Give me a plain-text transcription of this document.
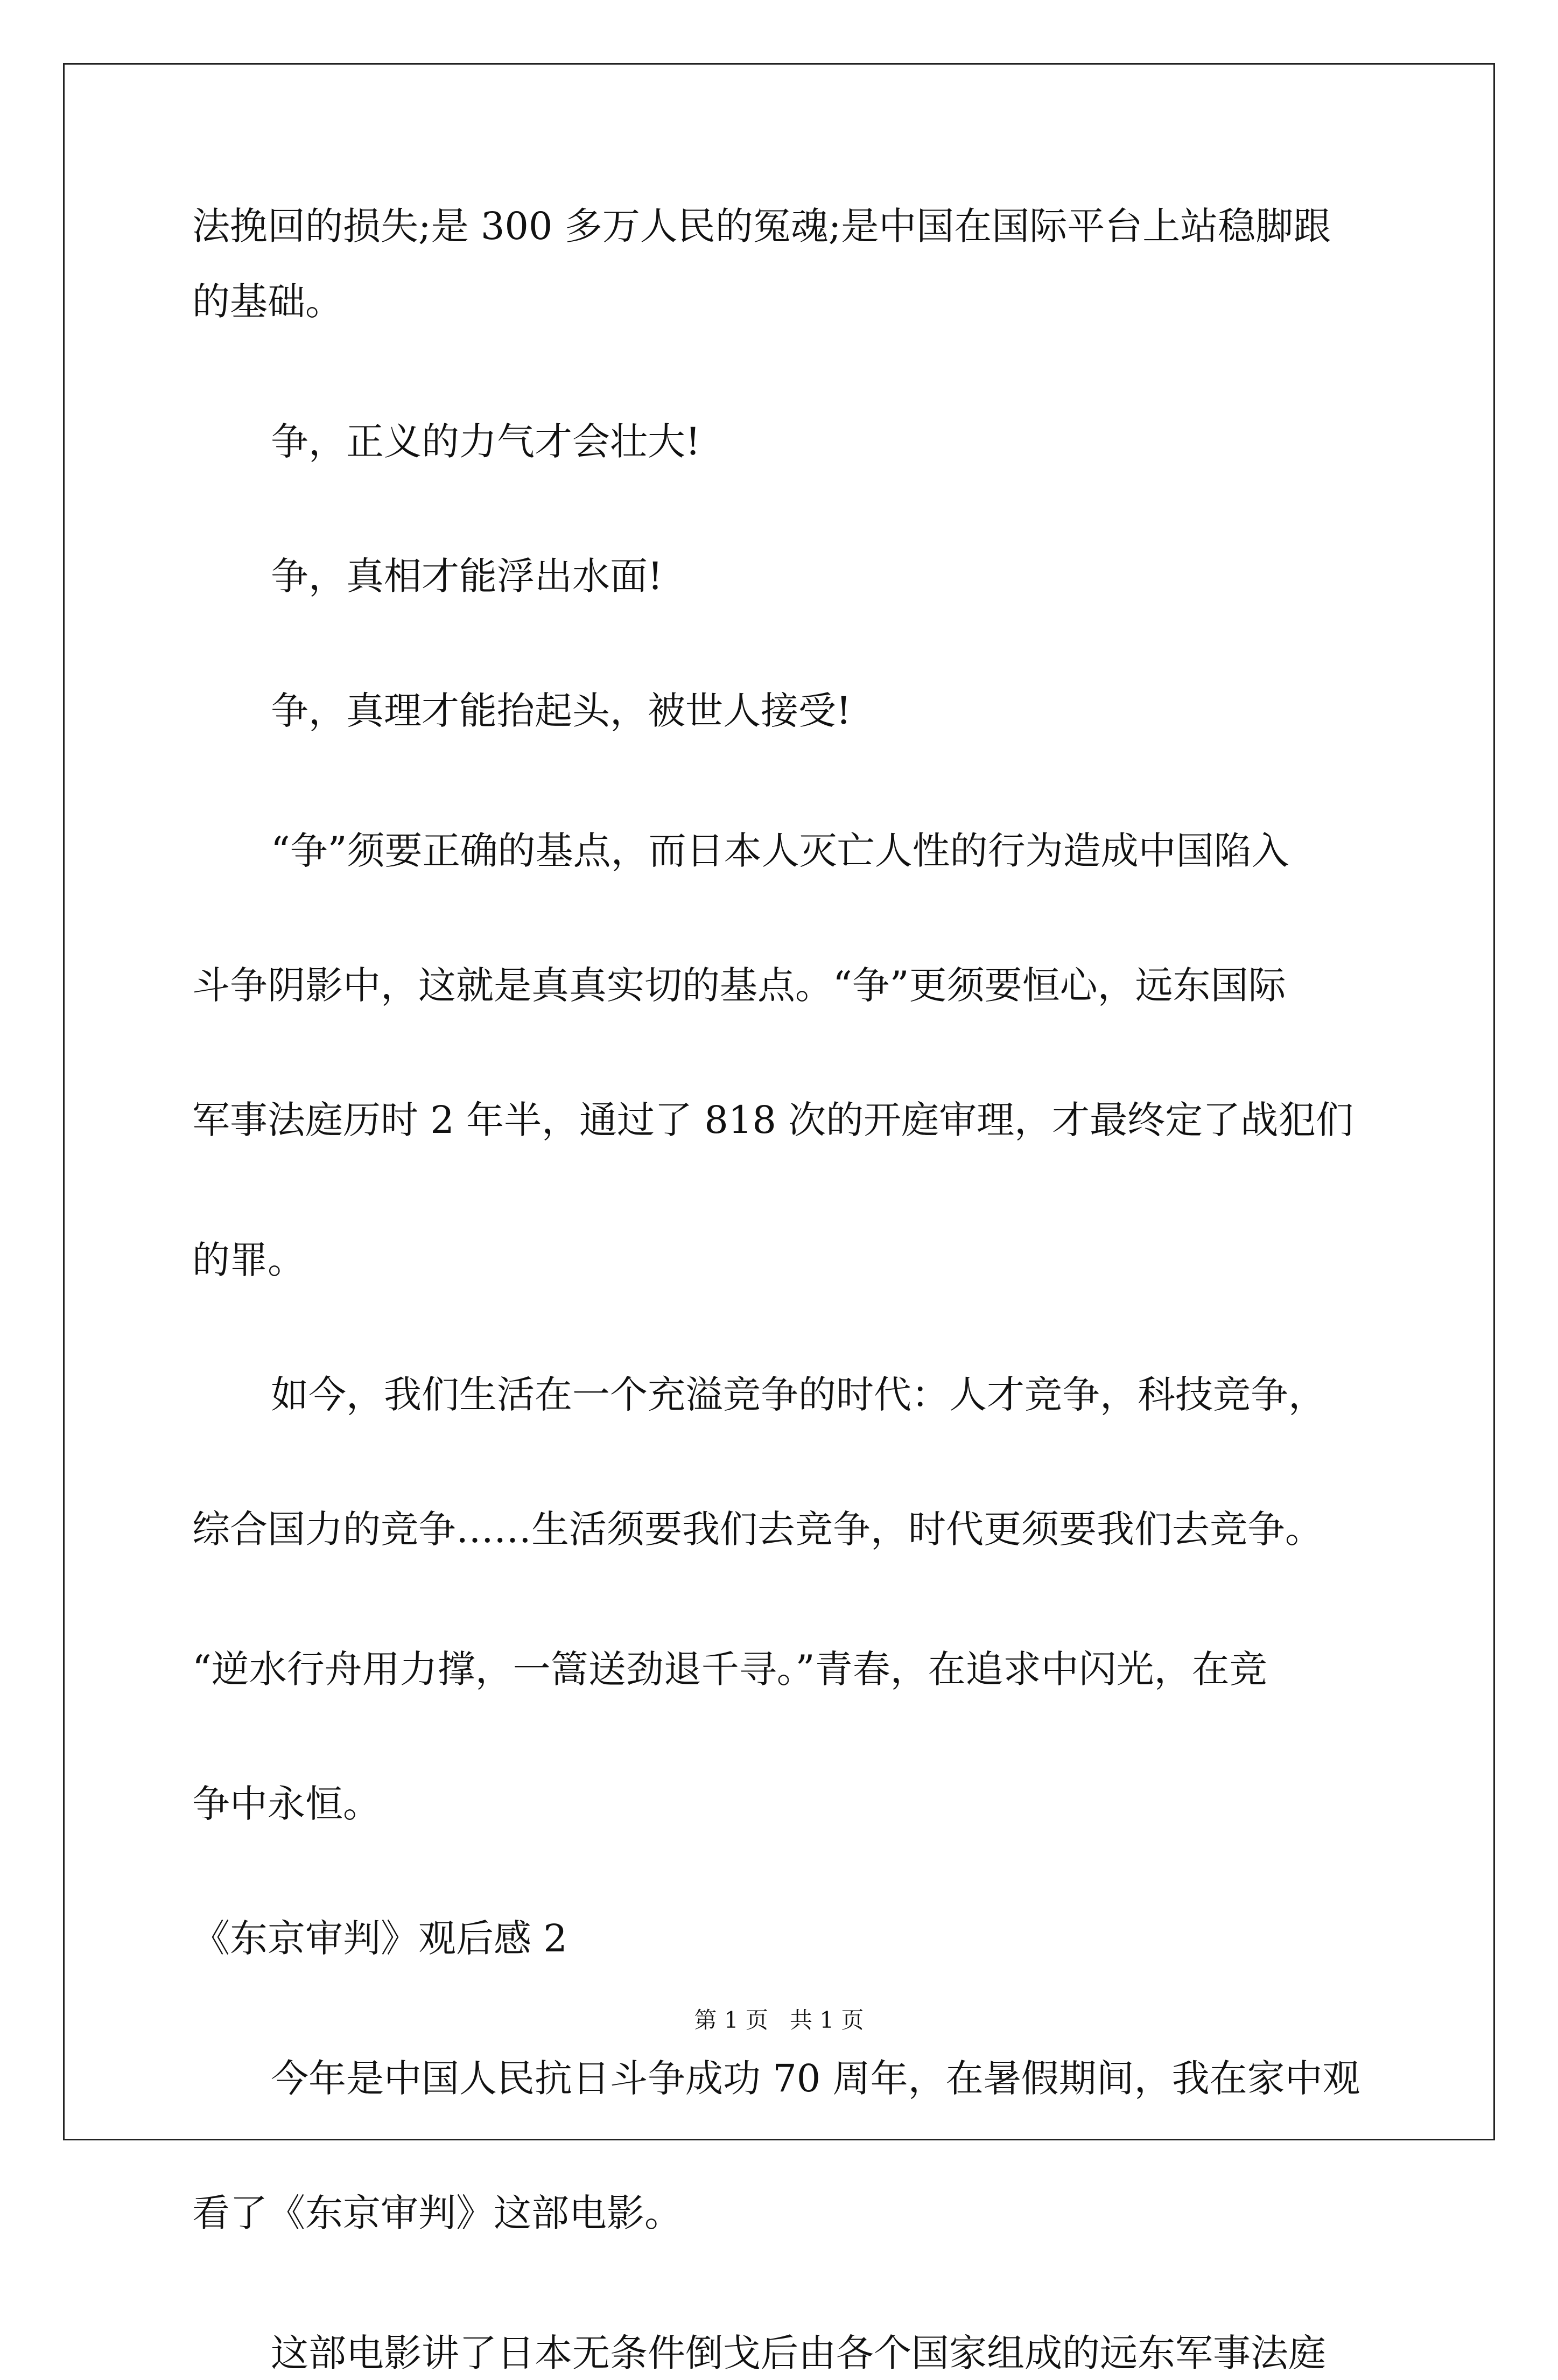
法挽回的损失;是 300 多万人民的冤魂;是中国在国际平台上站稳脚跟
的基础。
争，正义的力气才会壮大!
争，真相才能浮出水面!
争，真理才能抬起头，被世人接受!
“争”须要正确的基点，而日本人灭亡人性的行为造成中国陷入
斗争阴影中，这就是真真实切的基点。“争”更须要恒心，远东国际
军事法庭历时 2 年半，通过了 818 次的开庭审理，才最终定了战犯们
的罪。
如今，我们生活在一个充溢竞争的时代：人才竞争，科技竞争，
综合国力的竞争……生活须要我们去竞争，时代更须要我们去竞争。
“逆水行舟用力撑，一篙送劲退千寻。”青春，在追求中闪光，在竞
争中永恒。
《东京审判》观后感 2
今年是中国人民抗日斗争成功 70 周年，在暑假期间，我在家中观
看了《东京审判》这部电影。
这部电影讲了日本无条件倒戈后由各个国家组成的远东军事法庭
第 1 页   共 1 页
